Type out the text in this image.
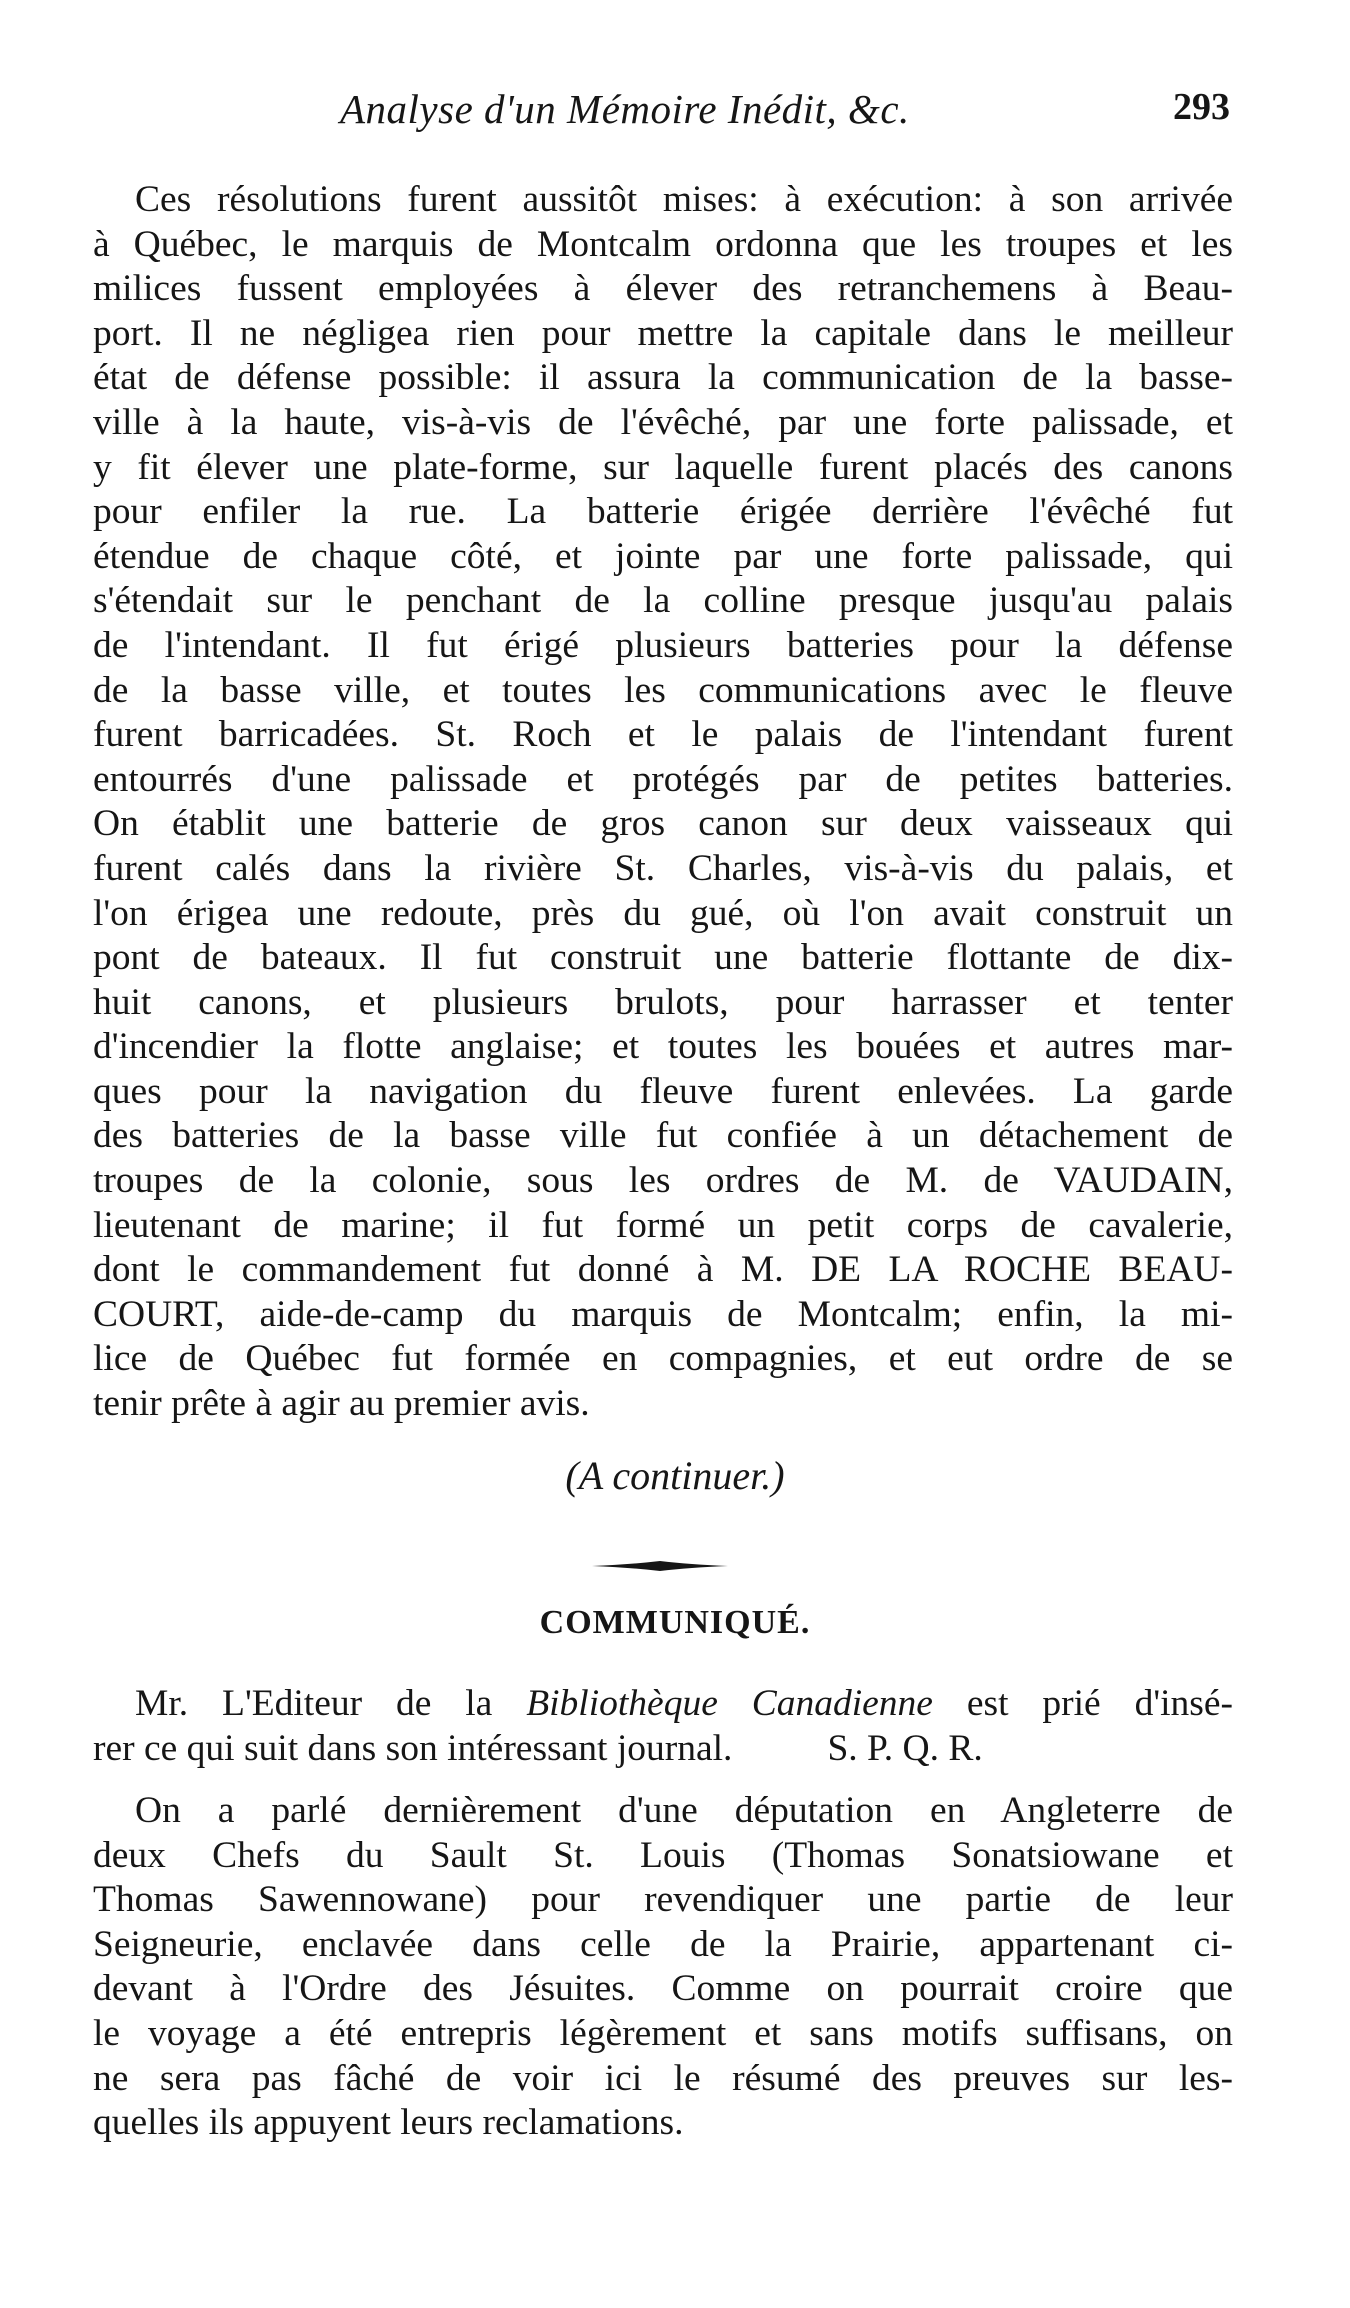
Analyse d'un Mémoire Inédit, &c.	293
Ces résolutions furent aussitôt mises: à exécution: à son arrivée
à Québec, le marquis de Montcalm ordonna que les troupes et les
milices fussent employées à élever des retranchemens à Beau-
port. Il ne négligea rien pour mettre la capitale dans le meilleur
état de défense possible: il assura la communication de la basse-
ville à la haute, vis-à-vis de l'évêché, par une forte palissade, et
y fit élever une plate-forme, sur laquelle furent placés des canons
pour enfiler la rue. La batterie érigée derrière l'évêché fut
étendue de chaque côté, et jointe par une forte palissade, qui
s'étendait sur le penchant de la colline presque jusqu'au palais
de l'intendant. Il fut érigé plusieurs batteries pour la défense
de la basse ville, et toutes les communications avec le fleuve
furent barricadées. St. Roch et le palais de l'intendant furent
entourrés d'une palissade et protégés par de petites batteries.
On établit une batterie de gros canon sur deux vaisseaux qui
furent calés dans la rivière St. Charles, vis-à-vis du palais, et
l'on érigea une redoute, près du gué, où l'on avait construit un
pont de bateaux. Il fut construit une batterie flottante de dix-
huit canons, et plusieurs brulots, pour harrasser et tenter
d'incendier la flotte anglaise; et toutes les bouées et autres mar-
ques pour la navigation du fleuve furent enlevées. La garde
des batteries de la basse ville fut confiée à un détachement de
troupes de la colonie, sous les ordres de M. de VAUDAIN,
lieutenant de marine; il fut formé un petit corps de cavalerie,
dont le commandement fut donné à M. DE LA ROCHE BEAU-
COURT, aide-de-camp du marquis de Montcalm; enfin, la mi-
lice de Québec fut formée en compagnies, et eut ordre de se
tenir prête à agir au premier avis.
(A continuer.)
COMMUNIQUÉ.
Mr. L'Editeur de la Bibliothèque Canadienne est prié d'insé-
rer ce qui suit dans son intéressant journal.	S. P. Q. R.
On a parlé dernièrement d'une députation en Angleterre de
deux Chefs du Sault St. Louis (Thomas Sonatsiowane et
Thomas Sawennowane) pour revendiquer une partie de leur
Seigneurie, enclavée dans celle de la Prairie, appartenant ci-
devant à l'Ordre des Jésuites. Comme on pourrait croire que
le voyage a été entrepris légèrement et sans motifs suffisans, on
ne sera pas fâché de voir ici le résumé des preuves sur les-
quelles ils appuyent leurs reclamations.
